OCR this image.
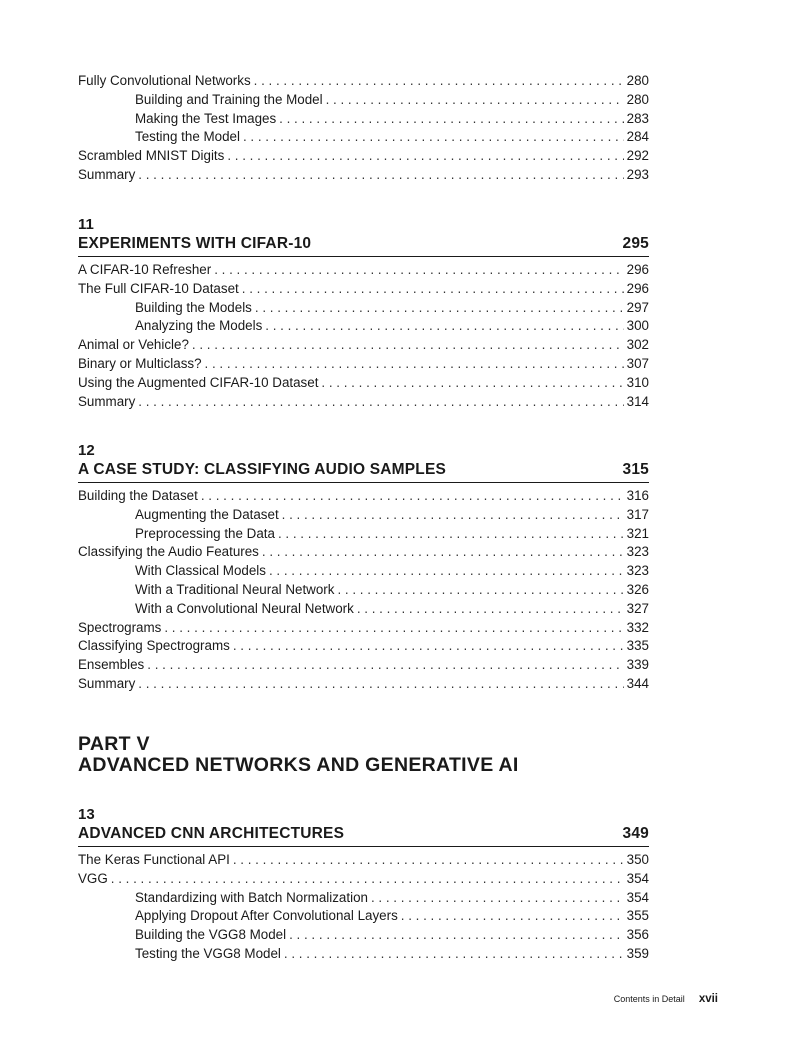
Fully Convolutional Networks . . .	280
Building and Training the Model . . .	280
Making the Test Images . . .	283
Testing the Model . . .	284
Scrambled MNIST Digits . . .	292
Summary . . .	293
11
EXPERIMENTS WITH CIFAR-10	295
A CIFAR-10 Refresher . . .	296
The Full CIFAR-10 Dataset . . .	296
Building the Models . . .	297
Analyzing the Models . . .	300
Animal or Vehicle? . . .	302
Binary or Multiclass? . . .	307
Using the Augmented CIFAR-10 Dataset . . .	310
Summary . . .	314
12
A CASE STUDY: CLASSIFYING AUDIO SAMPLES	315
Building the Dataset . . .	316
Augmenting the Dataset . . .	317
Preprocessing the Data . . .	321
Classifying the Audio Features . . .	323
With Classical Models . . .	323
With a Traditional Neural Network . . .	326
With a Convolutional Neural Network . . .	327
Spectrograms . . .	332
Classifying Spectrograms . . .	335
Ensembles . . .	339
Summary . . .	344
PART V
ADVANCED NETWORKS AND GENERATIVE AI
13
ADVANCED CNN ARCHITECTURES	349
The Keras Functional API . . .	350
VGG . . .	354
Standardizing with Batch Normalization . . .	354
Applying Dropout After Convolutional Layers . . .	355
Building the VGG8 Model . . .	356
Testing the VGG8 Model . . .	359
Contents in Detail xvii
